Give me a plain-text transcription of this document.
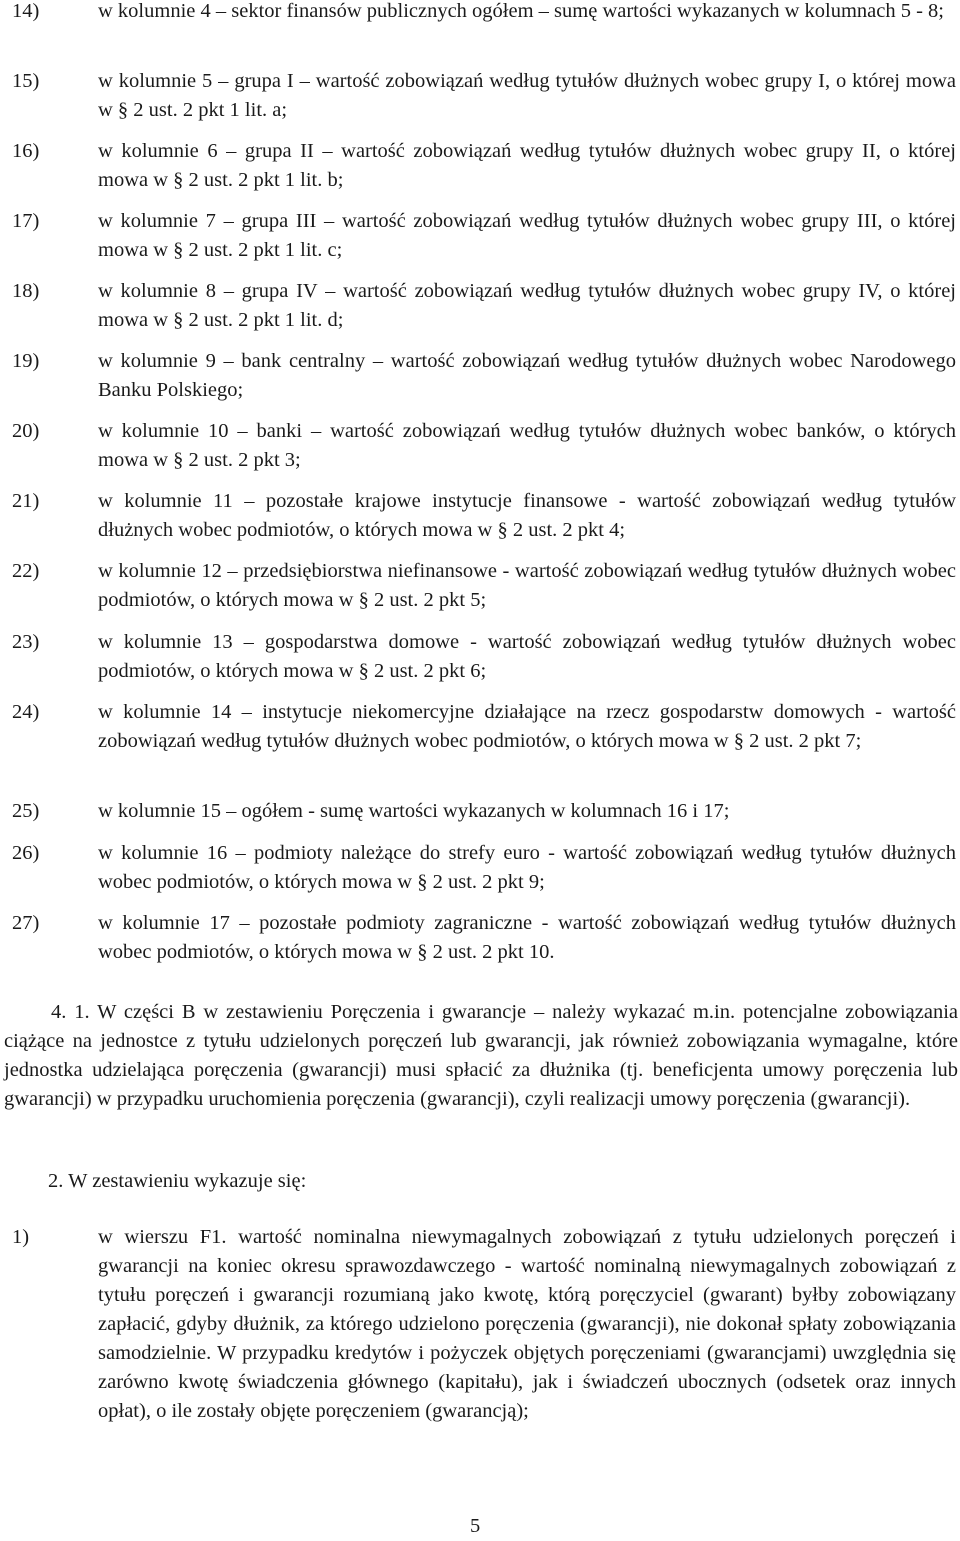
14)	w kolumnie 4 – sektor finansów publicznych ogółem – sumę wartości wykazanych w kolumnach 5 - 8;

15)	w kolumnie 5 – grupa I – wartość zobowiązań według tytułów dłużnych wobec grupy I, o której mowa w § 2 ust. 2 pkt 1 lit. a;

16)	w kolumnie 6 – grupa II – wartość zobowiązań według tytułów dłużnych wobec grupy II, o której mowa w § 2 ust. 2 pkt 1 lit. b;

17)	w kolumnie 7 – grupa III – wartość zobowiązań według tytułów dłużnych wobec grupy III, o której mowa w § 2 ust. 2 pkt 1 lit. c;

18)	w kolumnie 8 – grupa IV – wartość zobowiązań według tytułów dłużnych wobec grupy IV, o której mowa w § 2 ust. 2 pkt 1 lit. d;

19)	w kolumnie 9 – bank centralny – wartość zobowiązań według tytułów dłużnych wobec Narodowego Banku Polskiego;

20)	w kolumnie 10 – banki – wartość zobowiązań według tytułów dłużnych wobec banków, o których mowa w § 2 ust. 2 pkt 3;

21)	w kolumnie 11 – pozostałe krajowe instytucje finansowe - wartość zobowiązań według tytułów dłużnych wobec podmiotów, o których mowa w § 2 ust. 2 pkt 4;

22)	w kolumnie 12 – przedsiębiorstwa niefinansowe - wartość zobowiązań według tytułów dłużnych wobec podmiotów, o których mowa w § 2 ust. 2 pkt 5;

23)	w kolumnie 13 – gospodarstwa domowe - wartość zobowiązań według tytułów dłużnych wobec podmiotów, o których mowa w § 2 ust. 2 pkt 6;

24)	w kolumnie 14 – instytucje niekomercyjne działające na rzecz gospodarstw domowych - wartość zobowiązań według tytułów dłużnych wobec podmiotów, o których mowa w § 2 ust. 2 pkt 7;

25)	w kolumnie 15 – ogółem - sumę wartości wykazanych w kolumnach 16 i 17;

26)	w kolumnie 16 – podmioty należące do strefy euro - wartość zobowiązań według tytułów dłużnych wobec podmiotów, o których mowa w § 2 ust. 2 pkt 9;

27)	w kolumnie 17 – pozostałe podmioty zagraniczne - wartość zobowiązań według tytułów dłużnych wobec podmiotów, o których mowa w § 2 ust. 2 pkt 10.

4. 1. W części B w zestawieniu Poręczenia i gwarancje – należy wykazać m.in. potencjalne zobowiązania ciążące na jednostce z tytułu udzielonych poręczeń lub gwarancji, jak również zobowiązania wymagalne, które jednostka udzielająca poręczenia (gwarancji) musi spłacić za dłużnika (tj. beneficjenta umowy poręczenia lub gwarancji) w przypadku uruchomienia poręczenia (gwarancji), czyli realizacji umowy poręczenia (gwarancji).

2. W zestawieniu wykazuje się:

1)	w wierszu F1. wartość nominalna niewymagalnych zobowiązań z tytułu udzielonych poręczeń i gwarancji na koniec okresu sprawozdawczego - wartość nominalną niewymagalnych zobowiązań z tytułu poręczeń i gwarancji rozumianą jako kwotę, którą poręczyciel (gwarant) byłby zobowiązany zapłacić, gdyby dłużnik, za którego udzielono poręczenia (gwarancji), nie dokonał spłaty zobowiązania samodzielnie. W przypadku kredytów i pożyczek objętych poręczeniami (gwarancjami) uwzględnia się zarówno kwotę świadczenia głównego (kapitału), jak i świadczeń ubocznych (odsetek oraz innych opłat), o ile zostały objęte poręczeniem (gwarancją);

5
